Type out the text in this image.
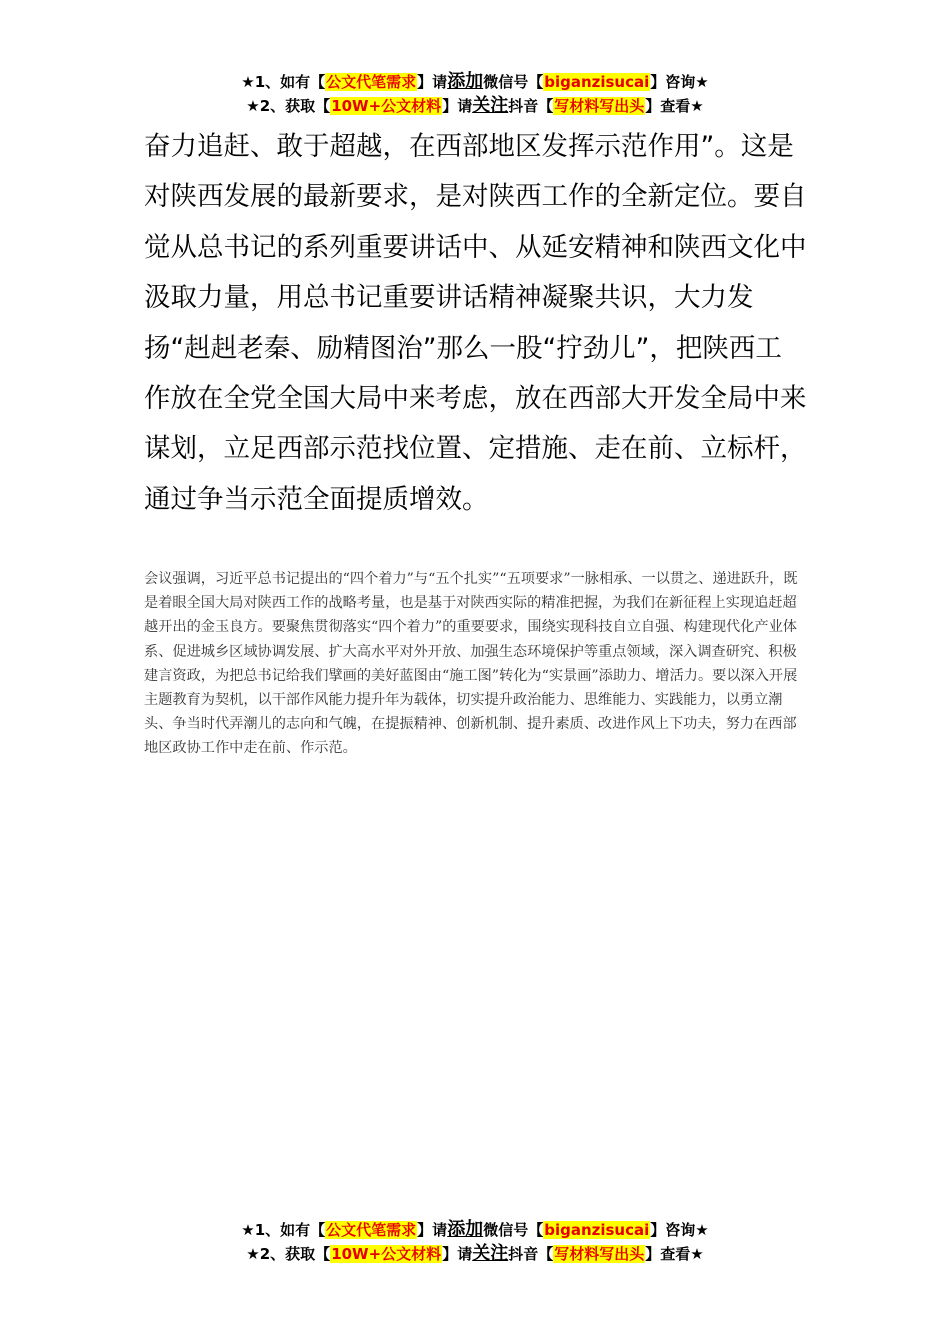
★1、如有【公文代笔需求】请添加微信号【biganzisucai】咨询★
★2、获取【10W+公文材料】请关注抖音【写材料写出头】查看★

奋力追赶、敢于超越，在西部地区发挥示范作用”。这是对陕西发展的最新要求，是对陕西工作的全新定位。要自觉从总书记的系列重要讲话中、从延安精神和陕西文化中汲取力量，用总书记重要讲话精神凝聚共识，大力发扬“赳赳老秦、励精图治”那么一股“拧劲儿”，把陕西工作放在全党全国大局中来考虑，放在西部大开发全局中来谋划，立足西部示范找位置、定措施、走在前、立标杆，通过争当示范全面提质增效。

会议强调，习近平总书记提出的“四个着力”与“五个扎实”“五项要求”一脉相承、一以贯之、递进跃升，既是着眼全国大局对陕西工作的战略考量，也是基于对陕西实际的精准把握，为我们在新征程上实现追赶超越开出的金玉良方。要聚焦贯彻落实“四个着力”的重要要求，围绕实现科技自立自强、构建现代化产业体系、促进城乡区域协调发展、扩大高水平对外开放、加强生态环境保护等重点领域，深入调查研究、积极建言资政，为把总书记给我们擘画的美好蓝图由“施工图”转化为“实景画”添助力、增活力。要以深入开展主题教育为契机，以干部作风能力提升年为载体，切实提升政治能力、思维能力、实践能力，以勇立潮头、争当时代弄潮儿的志向和气魄，在提振精神、创新机制、提升素质、改进作风上下功夫，努力在西部地区政协工作中走在前、作示范。

★1、如有【公文代笔需求】请添加微信号【biganzisucai】咨询★
★2、获取【10W+公文材料】请关注抖音【写材料写出头】查看★
